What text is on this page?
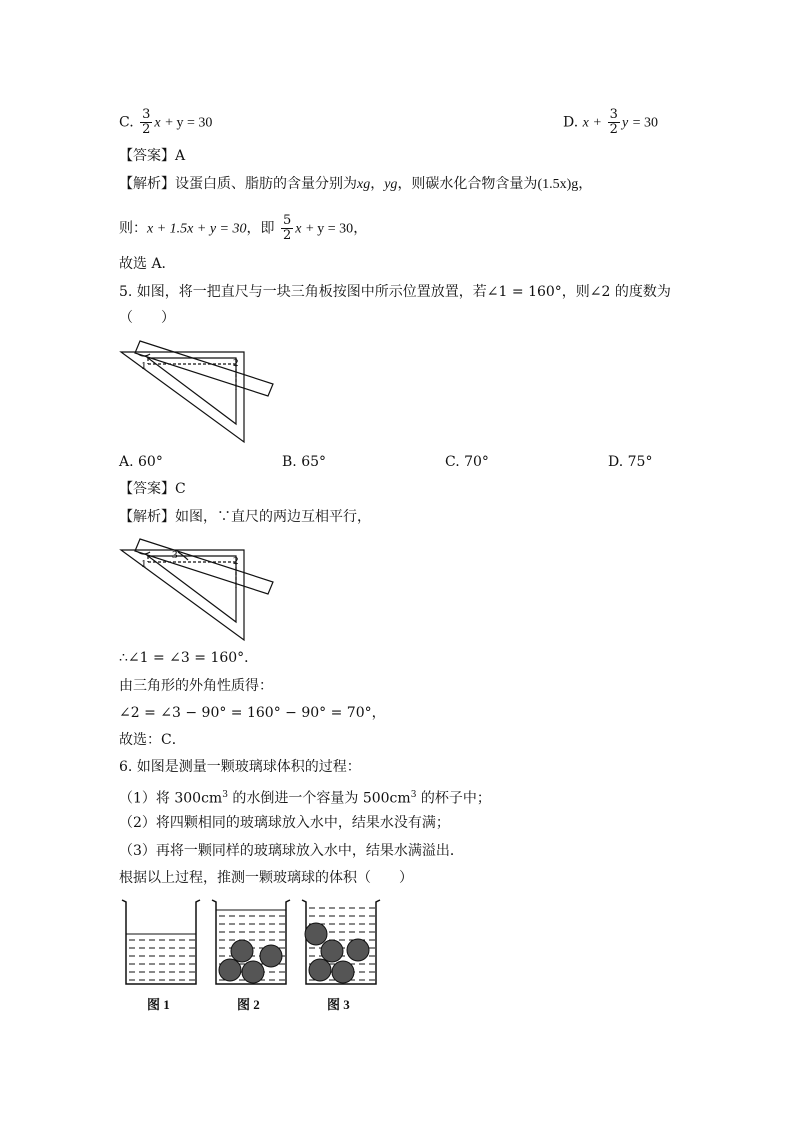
C. $\frac{3}{2}$ x + y = 30	D. $x + \frac{3}{2}$ y = 30
【答案】A
【解析】设蛋白质、脂肪的含量分别为xg，yg，则碳水化合物含量为(1.5x)g，
则：x + 1.5x + y = 30，即 $\frac{5}{2}$ x + y = 30，
故选 A．
5. 如图，将一把直尺与一块三角板按图中所示位置放置，若∠1 = 160°，则∠2 的度数为
（　　）
1	2
A. 60°	B. 65°	C. 70°	D. 75°
【答案】C
【解析】如图，∵直尺的两边互相平行，
1
3	2
∴∠1 = ∠3 = 160°．
由三角形的外角性质得：
∠2 = ∠3 − 90° = 160° − 90° = 70°，
故选：C．
6. 如图是测量一颗玻璃球体积的过程：
（1）将 $300cm^3$ 的水倒进一个容量为 $500cm^3$ 的杯子中；
（2）将四颗相同的玻璃球放入水中，结果水没有满；
（3）再将一颗同样的玻璃球放入水中，结果水满溢出．
根据以上过程，推测一颗玻璃球的体积（　　）
图 1	图 2	图 3
